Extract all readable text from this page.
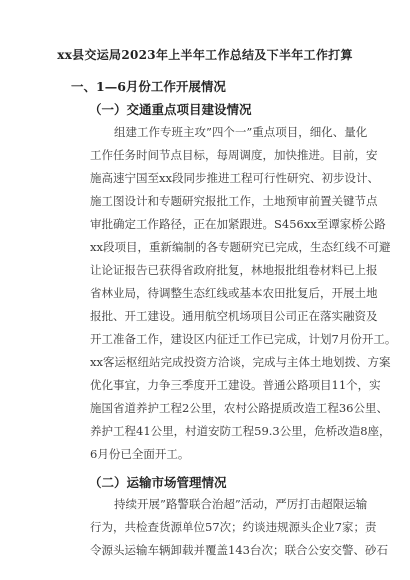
xx县交运局2023年上半年工作总结及下半年工作打算
一、1—6月份工作开展情况
（一）交通重点项目建设情况
组建工作专班主攻”四个一”重点项目，细化、量化
工作任务时间节点目标，每周调度，加快推进。目前，安
施高速宁国至xx段同步推进工程可行性研究、初步设计、
施工图设计和专题研究报批工作，土地预审前置关键节点
审批确定工作路径，正在加紧跟进。S456xx至谭家桥公路
xx段项目，重新编制的各专题研究已完成，生态红线不可避
让论证报告已获得省政府批复，林地报批组卷材料已上报
省林业局，待调整生态红线或基本农田批复后，开展土地
报批、开工建设。通用航空机场项目公司正在落实融资及
开工准备工作，建设区内征迁工作已完成，计划7月份开工。
xx客运枢纽站完成投资方洽谈，完成与主体土地划拨、方案
优化事宜，力争三季度开工建设。普通公路项目11个，实
施国省道养护工程2公里，农村公路提质改造工程36公里、
养护工程41公里，村道安防工程59.3公里，危桥改造8座，
6月份已全面开工。
（二）运输市场管理情况
持续开展”路警联合治超”活动，严厉打击超限运输
行为，共检查货源单位57次；约谈违规源头企业7家；责
令源头运输车辆卸载并覆盖143台次；联合公安交警、砂石
